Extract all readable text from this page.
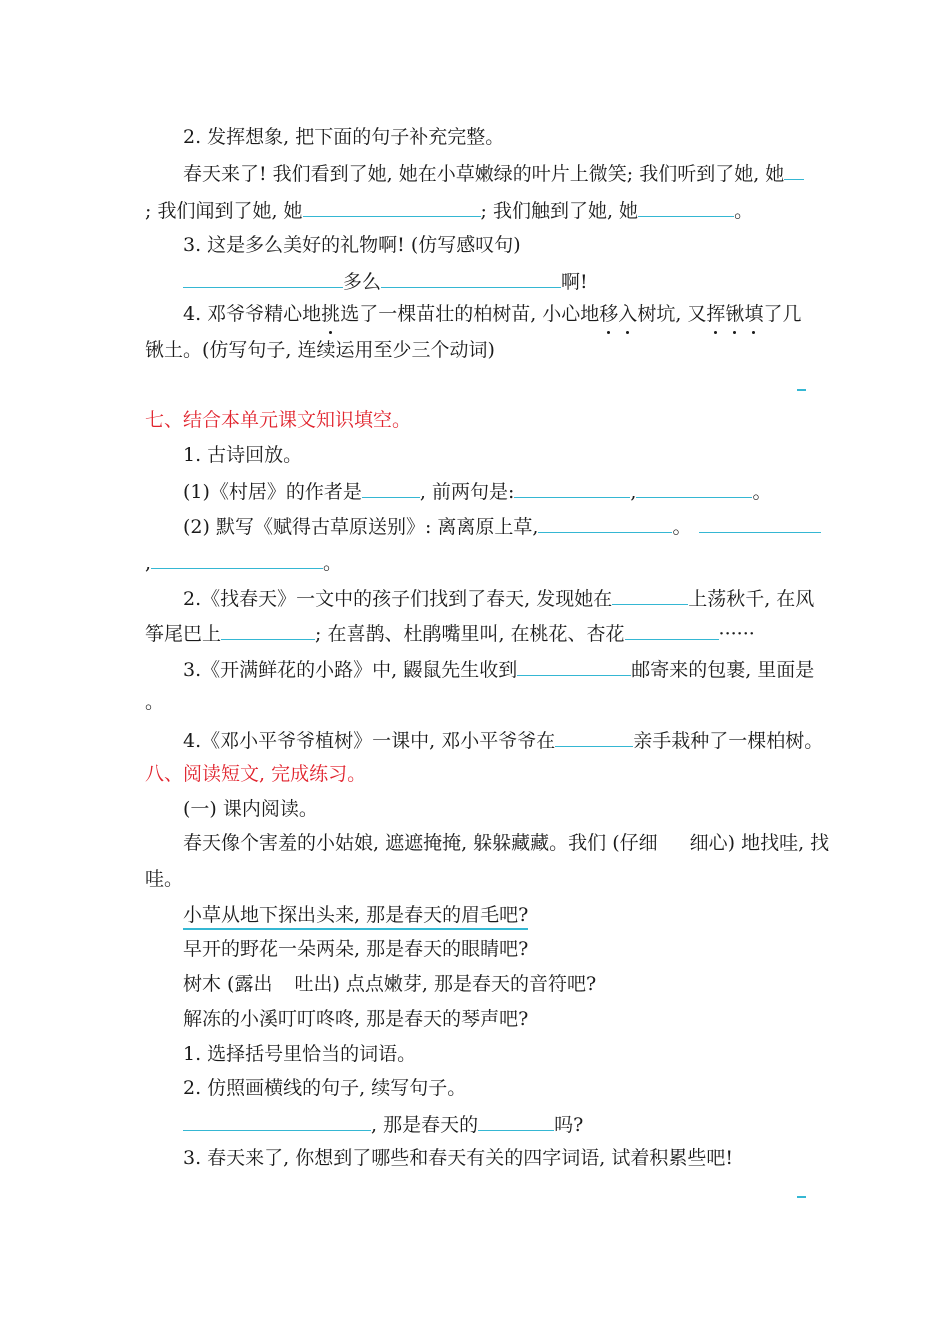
2. 发挥想象, 把下面的句子补充完整。
春天来了! 我们看到了她, 她在小草嫩绿的叶片上微笑; 我们听到了她, 她
; 我们闻到了她, 她	; 我们触到了她, 她	。
3. 这是多么美好的礼物啊! (仿写感叹句)
多么	啊!
4. 邓爷爷精心地挑选了一棵苗壮的柏树苗, 小心地移入树坑, 又挥锹填了几
锹土。(仿写句子, 连续运用至少三个动词)
七、结合本单元课文知识填空。
1. 古诗回放。
(1)《村居》的作者是	, 前两句是:	,	。
(2) 默写《赋得古草原送别》: 离离原上草,	。
,	。
2.《找春天》一文中的孩子们找到了春天, 发现她在	上荡秋千, 在风
筝尾巴上	; 在喜鹊、杜鹃嘴里叫, 在桃花、杏花	······
3.《开满鲜花的小路》中, 鼹鼠先生收到	邮寄来的包裹, 里面是
。
4.《邓小平爷爷植树》一课中, 邓小平爷爷在	亲手栽种了一棵柏树。
八、阅读短文, 完成练习。
(一) 课内阅读。
春天像个害羞的小姑娘, 遮遮掩掩, 躲躲藏藏。我们 (仔细 细心) 地找哇, 找
哇。
小草从地下探出头来, 那是春天的眉毛吧?
早开的野花一朵两朵, 那是春天的眼睛吧?
树木 (露出 吐出) 点点嫩芽, 那是春天的音符吧?
解冻的小溪叮叮咚咚, 那是春天的琴声吧?
1. 选择括号里恰当的词语。
2. 仿照画横线的句子, 续写句子。
, 那是春天的	吗?
3. 春天来了, 你想到了哪些和春天有关的四字词语, 试着积累些吧!
